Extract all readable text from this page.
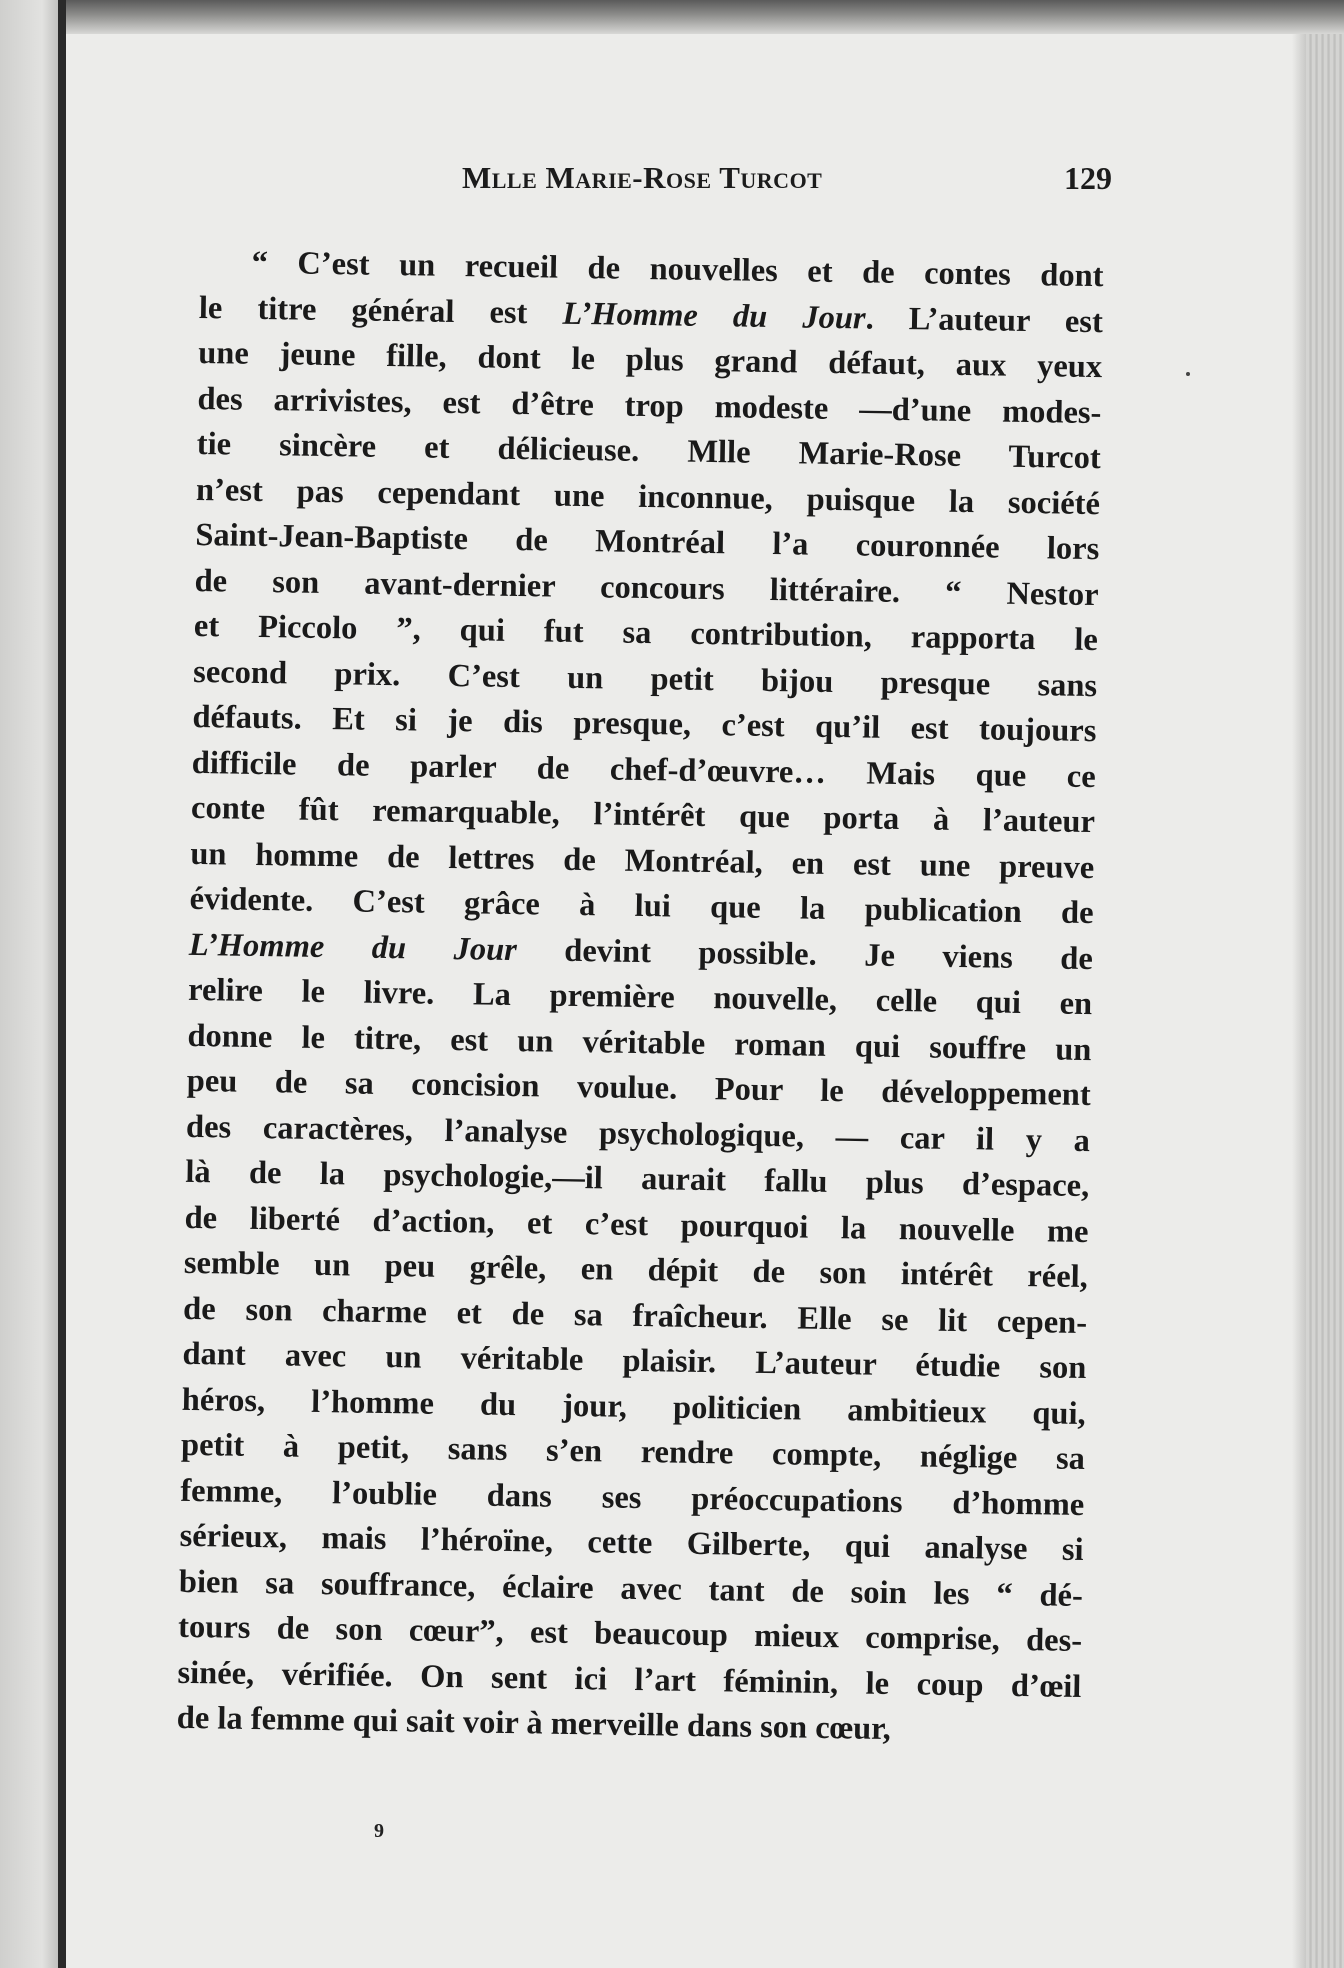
Mlle Marie-Rose Turcot	129
“ C’est un recueil de nouvelles et de contes dont
le titre général est L’Homme du Jour. L’auteur est
une jeune fille, dont le plus grand défaut, aux yeux
des arrivistes, est d’être trop modeste —d’une modes-
tie sincère et délicieuse. Mlle Marie-Rose Turcot
n’est pas cependant une inconnue, puisque la société
Saint-Jean-Baptiste de Montréal l’a couronnée lors
de son avant-dernier concours littéraire. “ Nestor
et Piccolo ”, qui fut sa contribution, rapporta le
second prix. C’est un petit bijou presque sans
défauts. Et si je dis presque, c’est qu’il est toujours
difficile de parler de chef-d’œuvre… Mais que ce
conte fût remarquable, l’intérêt que porta à l’auteur
un homme de lettres de Montréal, en est une preuve
évidente. C’est grâce à lui que la publication de
L’Homme du Jour devint possible. Je viens de
relire le livre. La première nouvelle, celle qui en
donne le titre, est un véritable roman qui souffre un
peu de sa concision voulue. Pour le développement
des caractères, l’analyse psychologique, — car il y a
là de la psychologie,—il aurait fallu plus d’espace,
de liberté d’action, et c’est pourquoi la nouvelle me
semble un peu grêle, en dépit de son intérêt réel,
de son charme et de sa fraîcheur. Elle se lit cepen-
dant avec un véritable plaisir. L’auteur étudie son
héros, l’homme du jour, politicien ambitieux qui,
petit à petit, sans s’en rendre compte, néglige sa
femme, l’oublie dans ses préoccupations d’homme
sérieux, mais l’héroïne, cette Gilberte, qui analyse si
bien sa souffrance, éclaire avec tant de soin les “ dé-
tours de son cœur”, est beaucoup mieux comprise, des-
sinée, vérifiée. On sent ici l’art féminin, le coup d’œil
de la femme qui sait voir à merveille dans son cœur,
9
